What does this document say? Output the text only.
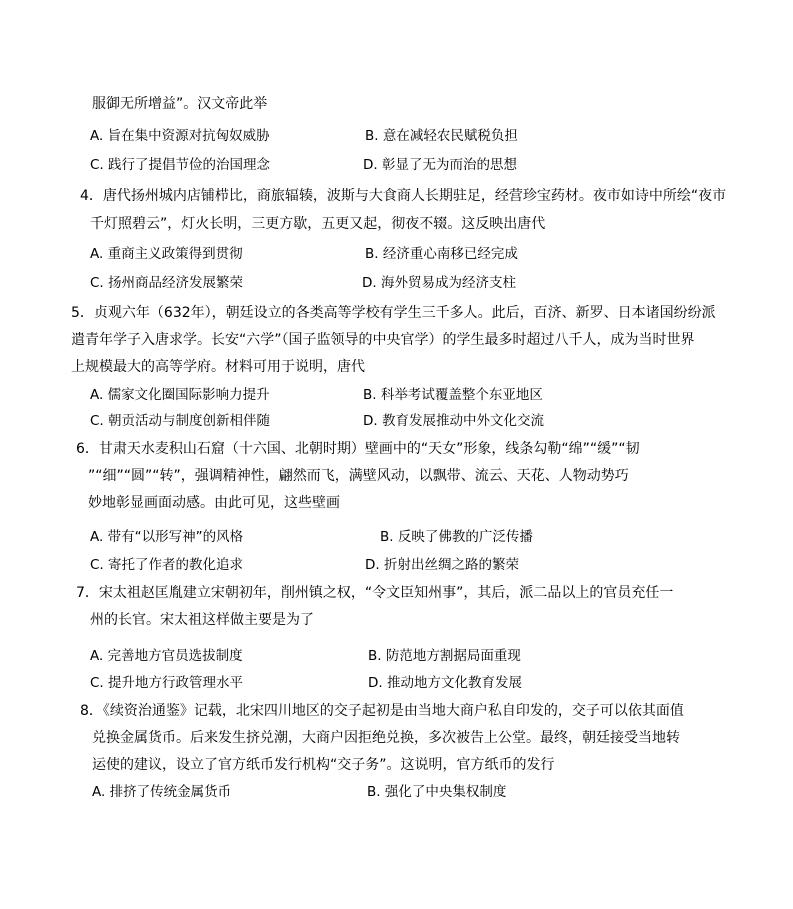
服御无所增益”。汉文帝此举
A. 旨在集中资源对抗匈奴威胁	B. 意在减轻农民赋税负担
C. 践行了提倡节俭的治国理念	D. 彰显了无为而治的思想
4．唐代扬州城内店铺栉比，商旅辐辏，波斯与大食商人长期驻足，经营珍宝药材。夜市如诗中所绘“夜市
千灯照碧云”，灯火长明，三更方歇，五更又起，彻夜不辍。这反映出唐代
A. 重商主义政策得到贯彻	B. 经济重心南移已经完成
C. 扬州商品经济发展繁荣	D. 海外贸易成为经济支柱
5．贞观六年（632年），朝廷设立的各类高等学校有学生三千多人。此后，百济、新罗、日本诸国纷纷派
遣青年学子入唐求学。长安“六学”（国子监领导的中央官学）的学生最多时超过八千人，成为当时世界
上规模最大的高等学府。材料可用于说明，唐代
A. 儒家文化圈国际影响力提升	B. 科举考试覆盖整个东亚地区
C. 朝贡活动与制度创新相伴随	D. 教育发展推动中外文化交流
6．甘肃天水麦积山石窟（十六国、北朝时期）壁画中的“天女”形象，线条勾勒“绵”“缓”“韧
”“细”“圆”“转”，强调精神性，翩然而飞，满壁风动，以飘带、流云、天花、人物动势巧
妙地彰显画面动感。由此可见，这些壁画
A. 带有“以形写神”的风格	B. 反映了佛教的广泛传播
C. 寄托了作者的教化追求	D. 折射出丝绸之路的繁荣
7．宋太祖赵匡胤建立宋朝初年，削州镇之权，“令文臣知州事”，其后，派二品以上的官员充任一
州的长官。宋太祖这样做主要是为了
A. 完善地方官员选拔制度	B. 防范地方割据局面重现
C. 提升地方行政管理水平	D. 推动地方文化教育发展
8．《续资治通鉴》记载，北宋四川地区的交子起初是由当地大商户私自印发的，交子可以依其面值
兑换金属货币。后来发生挤兑潮，大商户因拒绝兑换，多次被告上公堂。最终，朝廷接受当地转
运使的建议，设立了官方纸币发行机构“交子务”。这说明，官方纸币的发行
A. 排挤了传统金属货币	B. 强化了中央集权制度
